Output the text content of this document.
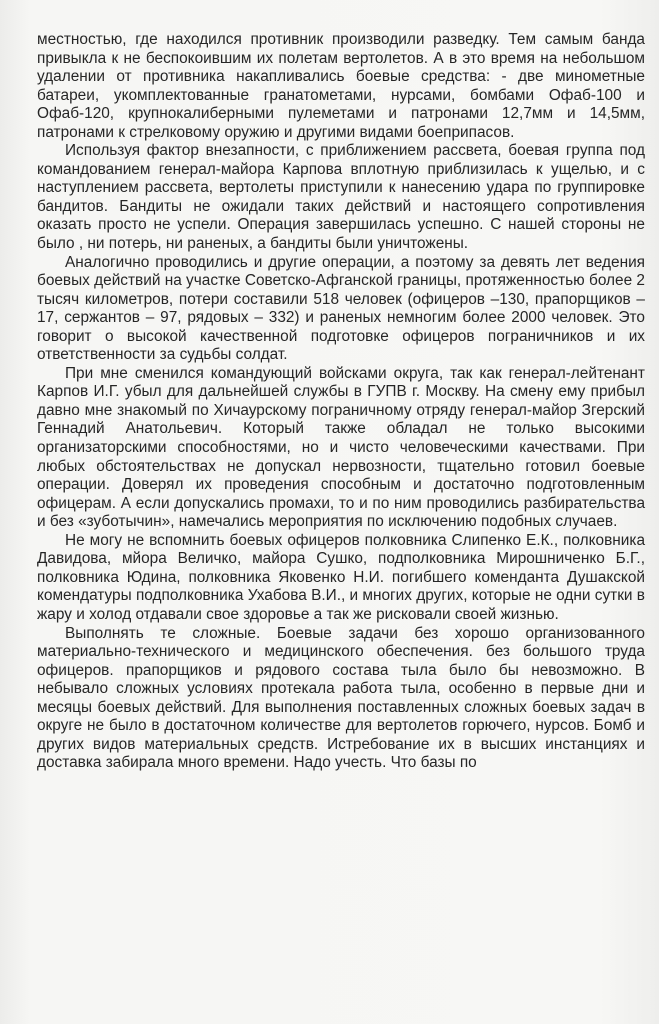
местностью, где находился противник производили разведку. Тем самым банда привыкла к не беспокоившим их полетам вертолетов. А в это время на небольшом удалении от противника накапливались боевые средства: - две минометные батареи, укомплектованные гранатометами, нурсами, бомбами Офаб-100 и Офаб-120, крупнокалиберными пулеметами и патронами 12,7мм и 14,5мм, патронами к стрелковому оружию и другими видами боеприпасов.

Используя фактор внезапности, с приближением рассвета, боевая группа под командованием генерал-майора Карпова вплотную приблизилась к ущелью, и с наступлением рассвета, вертолеты приступили к нанесению удара по группировке бандитов. Бандиты не ожидали таких действий и настоящего сопротивления оказать просто не успели. Операция завершилась успешно. С нашей стороны не было , ни потерь, ни раненых, а бандиты были уничтожены.

Аналогично проводились и другие операции, а поэтому за девять лет ведения боевых действий на участке Советско-Афганской границы, протяженностью более 2 тысяч километров, потери составили 518 человек (офицеров –130, прапорщиков – 17, сержантов – 97, рядовых – 332) и раненых немногим более 2000 человек. Это говорит о высокой качественной подготовке офицеров пограничников и их ответственности за судьбы солдат.

При мне сменился командующий войсками округа, так как генерал-лейтенант Карпов И.Г. убыл для дальнейшей службы в ГУПВ г. Москву. На смену ему прибыл давно мне знакомый по Хичаурскому пограничному отряду генерал-майор Згерский Геннадий Анатольевич. Который также обладал не только высокими организаторскими способностями, но и чисто человеческими качествами. При любых обстоятельствах не допускал нервозности, тщательно готовил боевые операции. Доверял их проведения способным и достаточно подготовленным офицерам. А если допускались промахи, то и по ним проводились разбирательства и без «зуботычин», намечались мероприятия по исключению подобных случаев.

Не могу не вспомнить боевых офицеров полковника Слипенко Е.К., полковника Давидова, мйора Величко, майора Сушко, подполковника Мирошниченко Б.Г., полковника Юдина, полковника Яковенко Н.И. погибшего коменданта Душакской комендатуры подполковника Ухабова В.И., и многих других, которые не одни сутки в жару и холод отдавали свое здоровье а так же рисковали своей жизнью.

Выполнять те сложные. Боевые задачи без хорошо организованного материально-технического и медицинского обеспечения. без большого труда офицеров. прапорщиков и рядового состава тыла было бы невозможно. В небывало сложных условиях протекала работа тыла, особенно в первые дни и месяцы боевых действий. Для выполнения поставленных сложных боевых задач в округе не было в достаточном количестве для вертолетов горючего, нурсов. Бомб и других видов материальных средств. Истребование их в высших инстанциях и доставка забирала много времени. Надо учесть. Что базы по
